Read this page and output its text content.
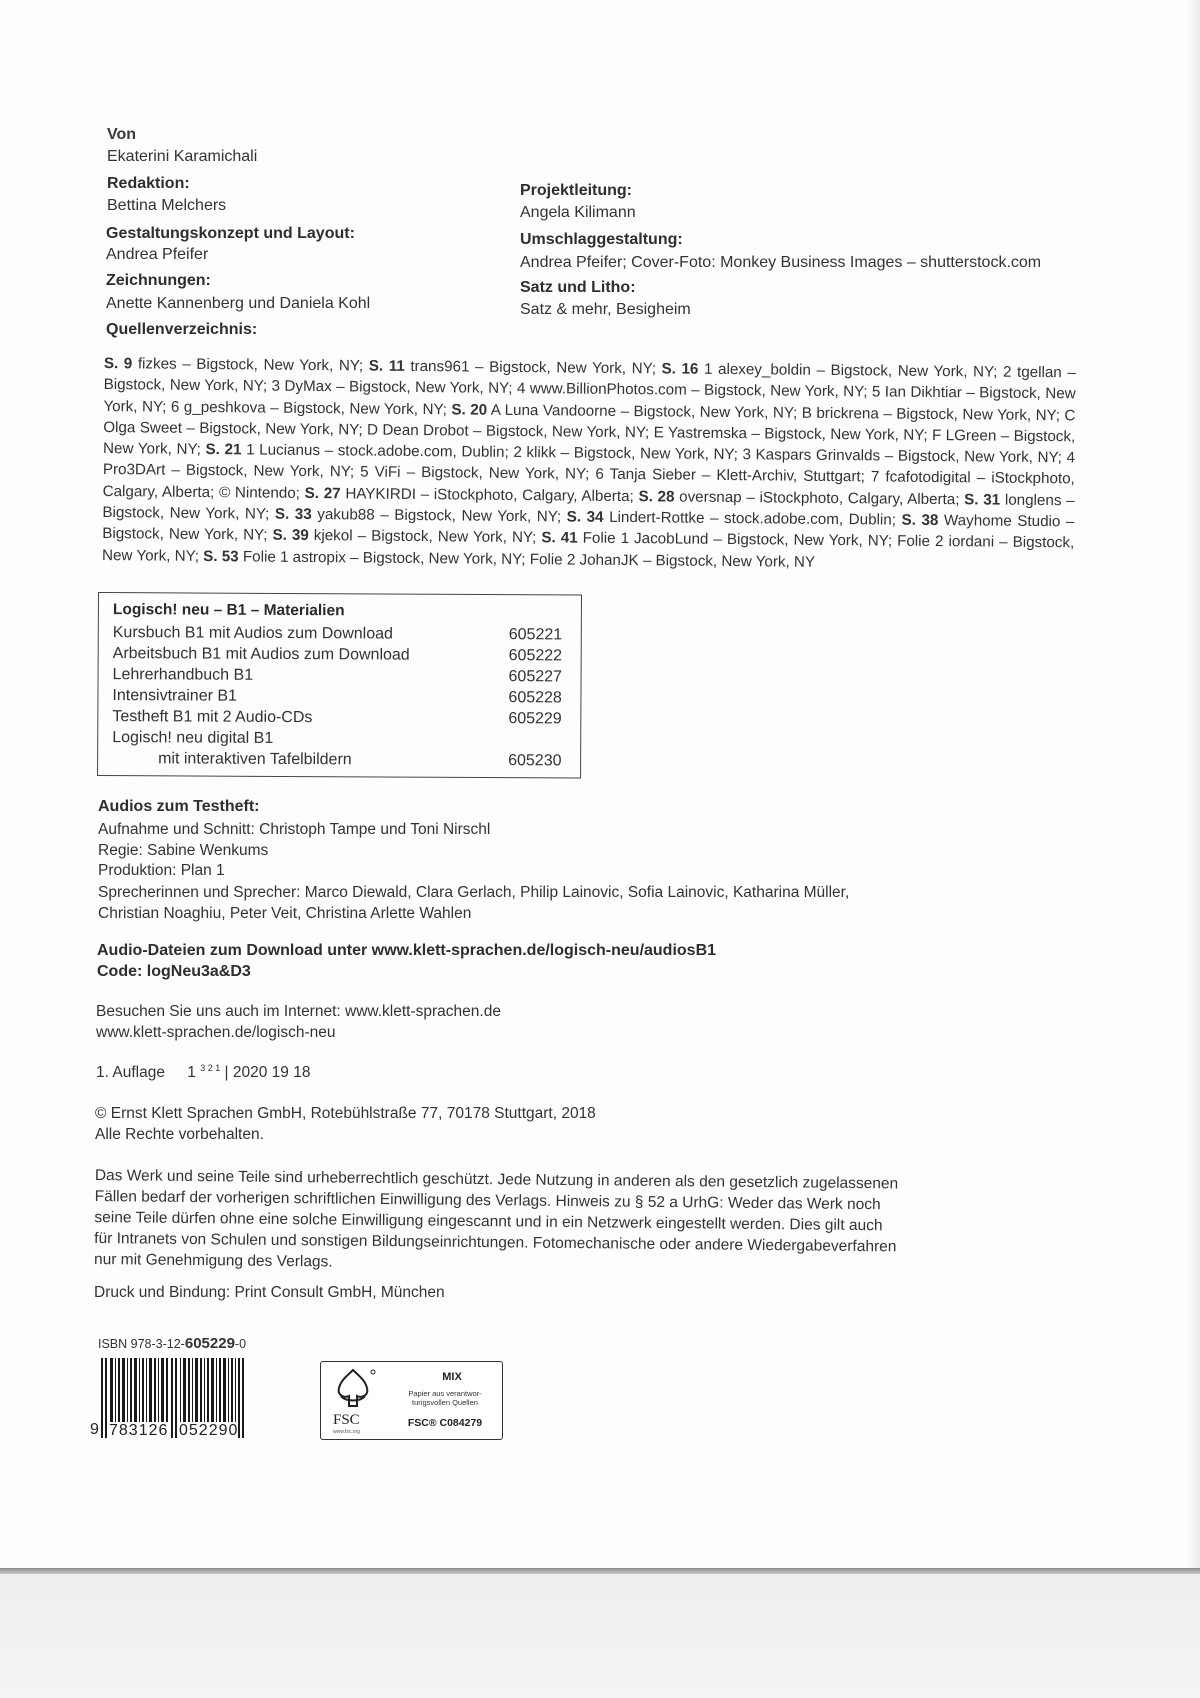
Von
Ekaterini Karamichali
Redaktion:
Bettina Melchers
Gestaltungskonzept und Layout:
Andrea Pfeifer
Zeichnungen:
Anette Kannenberg und Daniela Kohl
Quellenverzeichnis:
Projektleitung:
Angela Kilimann
Umschlaggestaltung:
Andrea Pfeifer; Cover-Foto: Monkey Business Images – shutterstock.com
Satz und Litho:
Satz & mehr, Besigheim
S. 9 fizkes – Bigstock, New York, NY; S. 11 trans961 – Bigstock, New York, NY; S. 16 1 alexey_boldin – Bigstock, New York, NY; 2 tgellan – Bigstock, New York, NY; 3 DyMax – Bigstock, New York, NY; 4 www.BillionPhotos.com – Bigstock, New York, NY; 5 Ian Dikhtiar – Bigstock, New York, NY; 6 g_peshkova – Bigstock, New York, NY; S. 20 A Luna Vandoorne – Bigstock, New York, NY; B brickrena – Bigstock, New York, NY; C Olga Sweet – Bigstock, New York, NY; D Dean Drobot – Bigstock, New York, NY; E Yastremska – Bigstock, New York, NY; F LGreen – Bigstock, New York, NY; S. 21 1 Lucianus – stock.adobe.com, Dublin; 2 klikk – Bigstock, New York, NY; 3 Kaspars Grinvalds – Bigstock, New York, NY; 4 Pro3DArt – Bigstock, New York, NY; 5 ViFi – Bigstock, New York, NY; 6 Tanja Sieber – Klett-Archiv, Stuttgart; 7 fcafotodigital – iStockphoto, Calgary, Alberta; © Nintendo; S. 27 HAYKIRDI – iStockphoto, Calgary, Alberta; S. 28 oversnap – iStockphoto, Calgary, Alberta; S. 31 longlens – Bigstock, New York, NY; S. 33 yakub88 – Bigstock, New York, NY; S. 34 Lindert-Rottke – stock.adobe.com, Dublin; S. 38 Wayhome Studio – Bigstock, New York, NY; S. 39 kjekol – Bigstock, New York, NY; S. 41 Folie 1 JacobLund – Bigstock, New York, NY; Folie 2 iordani – Bigstock, New York, NY; S. 53 Folie 1 astropix – Bigstock, New York, NY; Folie 2 JohanJK – Bigstock, New York, NY
Logisch! neu – B1 – Materialien
Kursbuch B1 mit Audios zum Download	605221
Arbeitsbuch B1 mit Audios zum Download	605222
Lehrerhandbuch B1	605227
Intensivtrainer B1	605228
Testheft B1 mit 2 Audio-CDs	605229
Logisch! neu digital B1
mit interaktiven Tafelbildern	605230
Audios zum Testheft:
Aufnahme und Schnitt: Christoph Tampe und Toni Nirschl
Regie: Sabine Wenkums
Produktion: Plan 1
Sprecherinnen und Sprecher: Marco Diewald, Clara Gerlach, Philip Lainovic, Sofia Lainovic, Katharina Müller,
Christian Noaghiu, Peter Veit, Christina Arlette Wahlen
Audio-Dateien zum Download unter www.klett-sprachen.de/logisch-neu/audiosB1
Code: logNeu3a&D3
Besuchen Sie uns auch im Internet: www.klett-sprachen.de
www.klett-sprachen.de/logisch-neu
1. Auflage 1 $^{3 2 1}$ | 2020 19 18
© Ernst Klett Sprachen GmbH, Rotebühlstraße 77, 70178 Stuttgart, 2018
Alle Rechte vorbehalten.
Das Werk und seine Teile sind urheberrechtlich geschützt. Jede Nutzung in anderen als den gesetzlich zugelassenen
Fällen bedarf der vorherigen schriftlichen Einwilligung des Verlags. Hinweis zu § 52 a UrhG: Weder das Werk noch
seine Teile dürfen ohne eine solche Einwilligung eingescannt und in ein Netzwerk eingestellt werden. Dies gilt auch
für Intranets von Schulen und sonstigen Bildungseinrichtungen. Fotomechanische oder andere Wiedergabeverfahren
nur mit Genehmigung des Verlags.
Druck und Bindung: Print Consult GmbH, München
ISBN 978-3-12-605229-0
9 783126 052290
FSC
www.fsc.org
MIX
Papier aus verantwor-
tungsvollen Quellen
FSC® C084279
